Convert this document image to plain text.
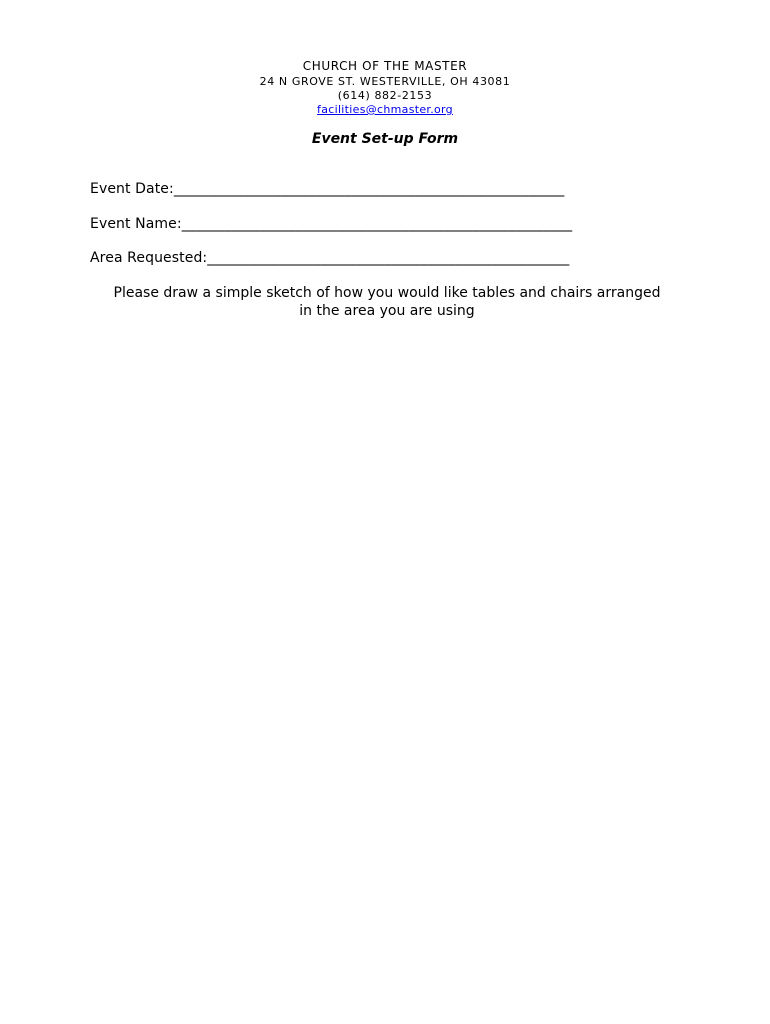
CHURCH OF THE MASTER
24 N GROVE ST. WESTERVILLE, OH 43081
(614) 882-2153
facilities@chmaster.org
Event Set-up Form
Event Date:_______________________________________________________
Event Name:_______________________________________________________
Area Requested:___________________________________________________
Please draw a simple sketch of how you would like tables and chairs arranged
in the area you are using
